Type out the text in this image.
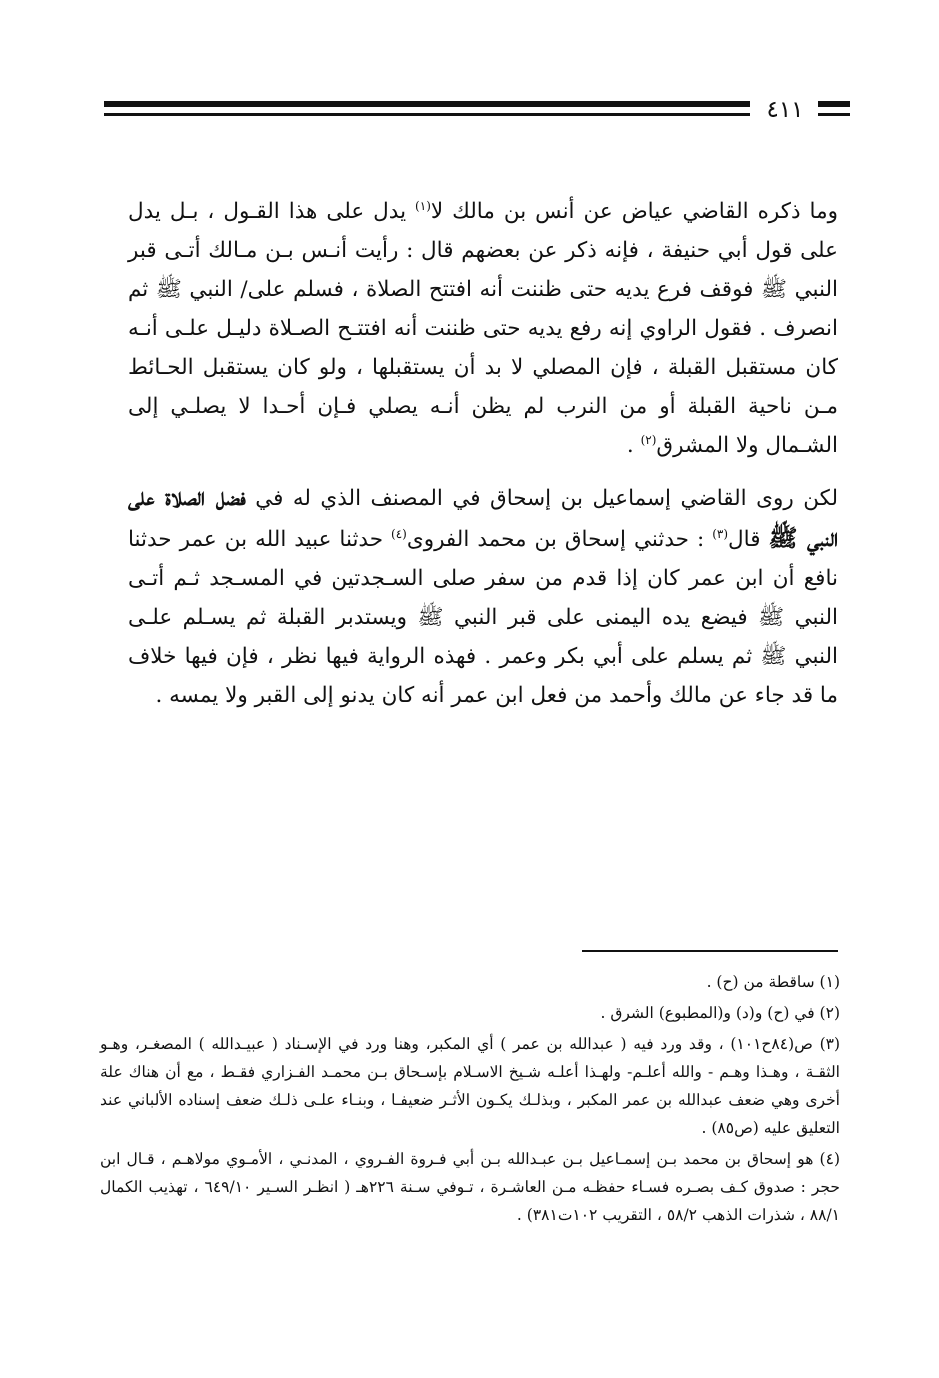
٤١١

وما ذكره القاضي عياض عن أنس بن مالك لا$^{(١)}$ يدل على هذا القـول ، بـل يدل على قول أبي حنيفة ، فإنه ذكر عن بعضهم قال : رأيت أنـس بـن مـالك أتـى قبر النبي ﷺ فوقف فرع يديه حتى ظننت أنه افتتح الصلاة ، فسلم على/ النبي ﷺ ثم انصرف . فقول الراوي إنه رفع يديه حتى ظننت أنه افتتـح الصـلاة دليـل علـى أنـه كان مستقبل القبلة ، فإن المصلي لا بد أن يستقبلها ، ولو كان يستقبل الحـائط مـن ناحية القبلة أو من النرب لم يظن أنـه يصلي فـإن أحـدا لا يصلـي إلى الشـمال ولا المشرق$^{(٢)}$ .

لكن روى القاضي إسماعيل بن إسحاق في المصنف الذي له في فضل الصلاة على النبي ﷺ قال$^{(٣)}$ : حدثني إسحاق بن محمد الفروى$^{(٤)}$ حدثنا عبيد الله بن عمر حدثنا نافع أن ابن عمر كان إذا قدم من سفر صلى السـجدتين في المسـجد ثـم أتـى النبي ﷺ فيضع يده اليمنى على قبر النبي ﷺ ويستدبر القبلة ثم يسـلم علـى النبي ﷺ ثم يسلم على أبي بكر وعمر . فهذه الرواية فيها نظر ، فإن فيها خلاف ما قد جاء عن مالك وأحمد من فعل ابن عمر أنه كان يدنو إلى القبر ولا يمسه .

(١) ساقطة من (ح) .

(٢) في (ح) و(د) و(المطبوع) الشرق .

(٣) ص(٨٤ح١٠١) ، وقد ورد فيه ( عبدالله بن عمر ) أي المكبر، وهنا ورد في الإسـناد ( عبيـدالله ) المصغـر، وهـو الثقـة ، وهـذا وهـم - والله أعلـم- ولهـذا أعلـه شـيخ الاسـلام بإسـحاق بـن محمـد الفـزاري فقـط ، مع أن هناك علة أخرى وهي ضعف عبدالله بن عمر المكبر ، وبذلـك يكـون الأثـر ضعيفـا ، وبنـاء علـى ذلـك ضعف إسناده الألباني عند التعليق عليه (ص٨٥) .

(٤) هو إسحاق بن محمد بـن إسمـاعيل بـن عبـدالله بـن أبي فـروة الفـروي ، المدنـي ، الأمـوي مولاهـم ، قـال ابن حجر : صدوق كـف بصـره فسـاء حفظـه مـن العاشـرة ، تـوفي سـنة ٢٢٦هـ ( انظـر السـير ٦٤٩/١٠ ، تهذيب الكمال ٨٨/١ ، شذرات الذهب ٥٨/٢ ، التقريب ١٠٢ت٣٨١) .
